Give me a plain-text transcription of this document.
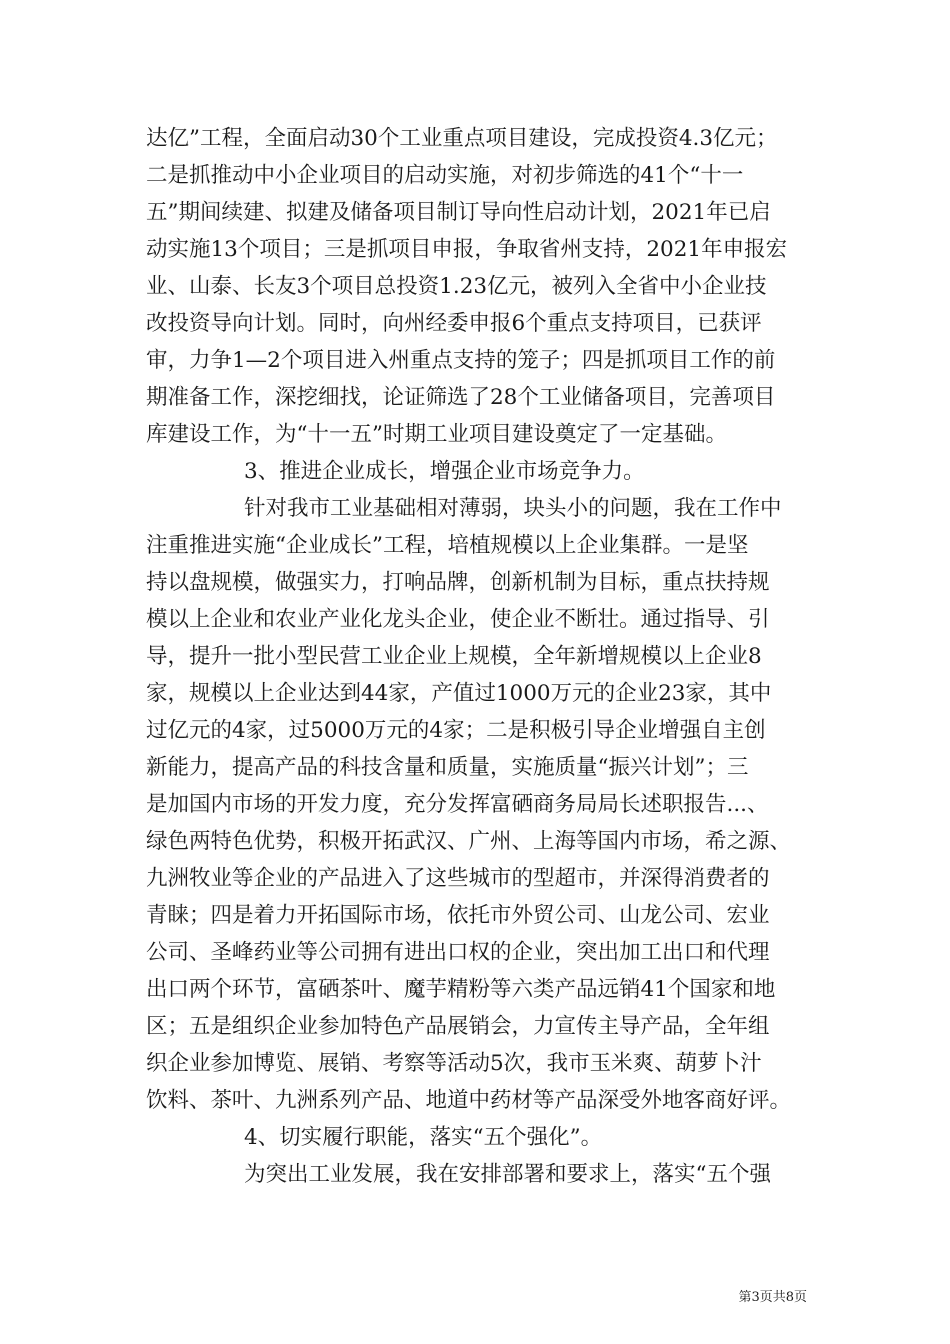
达亿”工程，全面启动30个工业重点项目建设，完成投资4.3亿元；
二是抓推动中小企业项目的启动实施，对初步筛选的41个“十一
五”期间续建、拟建及储备项目制订导向性启动计划，2021年已启
动实施13个项目；三是抓项目申报，争取省州支持，2021年申报宏
业、山泰、长友3个项目总投资1.23亿元，被列入全省中小企业技
改投资导向计划。同时，向州经委申报6个重点支持项目，已获评
审，力争1—2个项目进入州重点支持的笼子；四是抓项目工作的前
期准备工作，深挖细找，论证筛选了28个工业储备项目，完善项目
库建设工作，为“十一五”时期工业项目建设奠定了一定基础。
3、推进企业成长，增强企业市场竞争力。
针对我市工业基础相对薄弱，块头小的问题，我在工作中
注重推进实施“企业成长”工程，培植规模以上企业集群。一是坚
持以盘规模，做强实力，打响品牌，创新机制为目标，重点扶持规
模以上企业和农业产业化龙头企业，使企业不断壮。通过指导、引
导，提升一批小型民营工业企业上规模，全年新增规模以上企业8
家，规模以上企业达到44家，产值过1000万元的企业23家，其中
过亿元的4家，过5000万元的4家；二是积极引导企业增强自主创
新能力，提高产品的科技含量和质量，实施质量“振兴计划”；三
是加国内市场的开发力度，充分发挥富硒商务局局长述职报告...、
绿色两特色优势，积极开拓武汉、广州、上海等国内市场，希之源、
九洲牧业等企业的产品进入了这些城市的型超市，并深得消费者的
青睐；四是着力开拓国际市场，依托市外贸公司、山龙公司、宏业
公司、圣峰药业等公司拥有进出口权的企业，突出加工出口和代理
出口两个环节，富硒茶叶、魔芋精粉等六类产品远销41个国家和地
区；五是组织企业参加特色产品展销会，力宣传主导产品，全年组
织企业参加博览、展销、考察等活动5次，我市玉米爽、葫萝卜汁
饮料、茶叶、九洲系列产品、地道中药材等产品深受外地客商好评。
4、切实履行职能，落实“五个强化”。
为突出工业发展，我在安排部署和要求上，落实“五个强
第3页共8页
